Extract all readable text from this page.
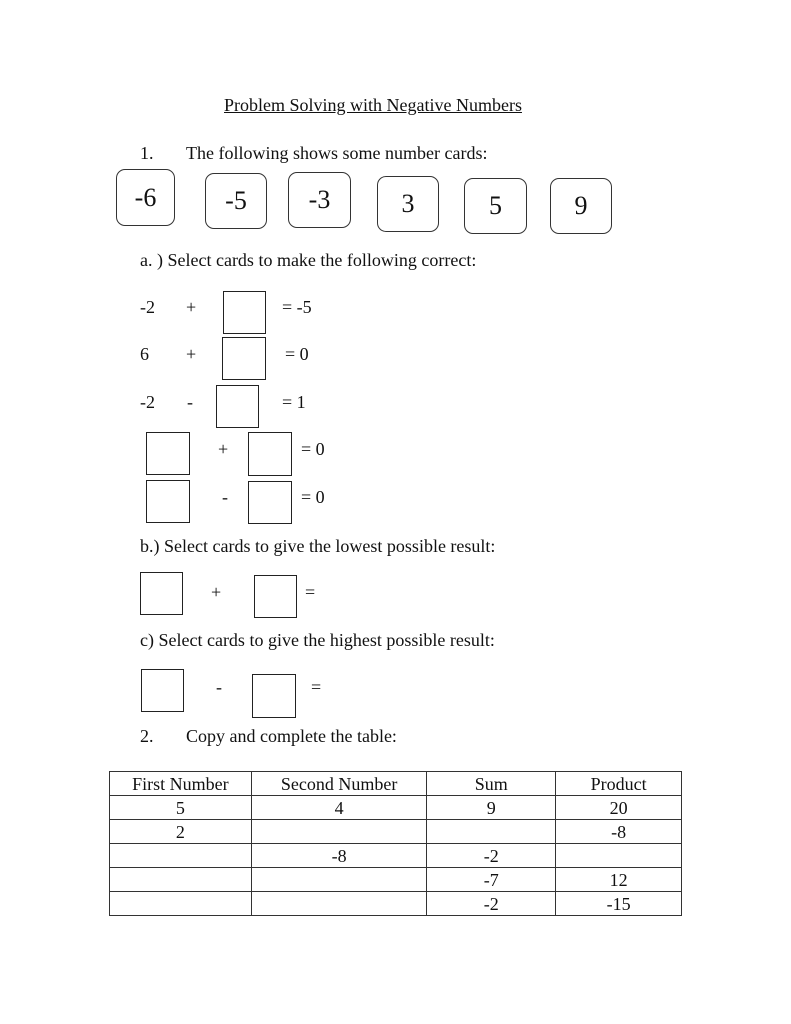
Problem Solving with Negative Numbers
1. The following shows some number cards:
-6	-5	-3	3	5	9
a. ) Select cards to make the following correct:
-2 +	= -5
6 +	= 0
-2 -	= 1
+	= 0
-	= 0
b.) Select cards to give the lowest possible result:
+	=
c) Select cards to give the highest possible result:
-	=
2. Copy and complete the table:
First Number	Second Number	Sum	Product
5	4	9	20
2			-8
	-8	-2	
		-7	12
		-2	-15
